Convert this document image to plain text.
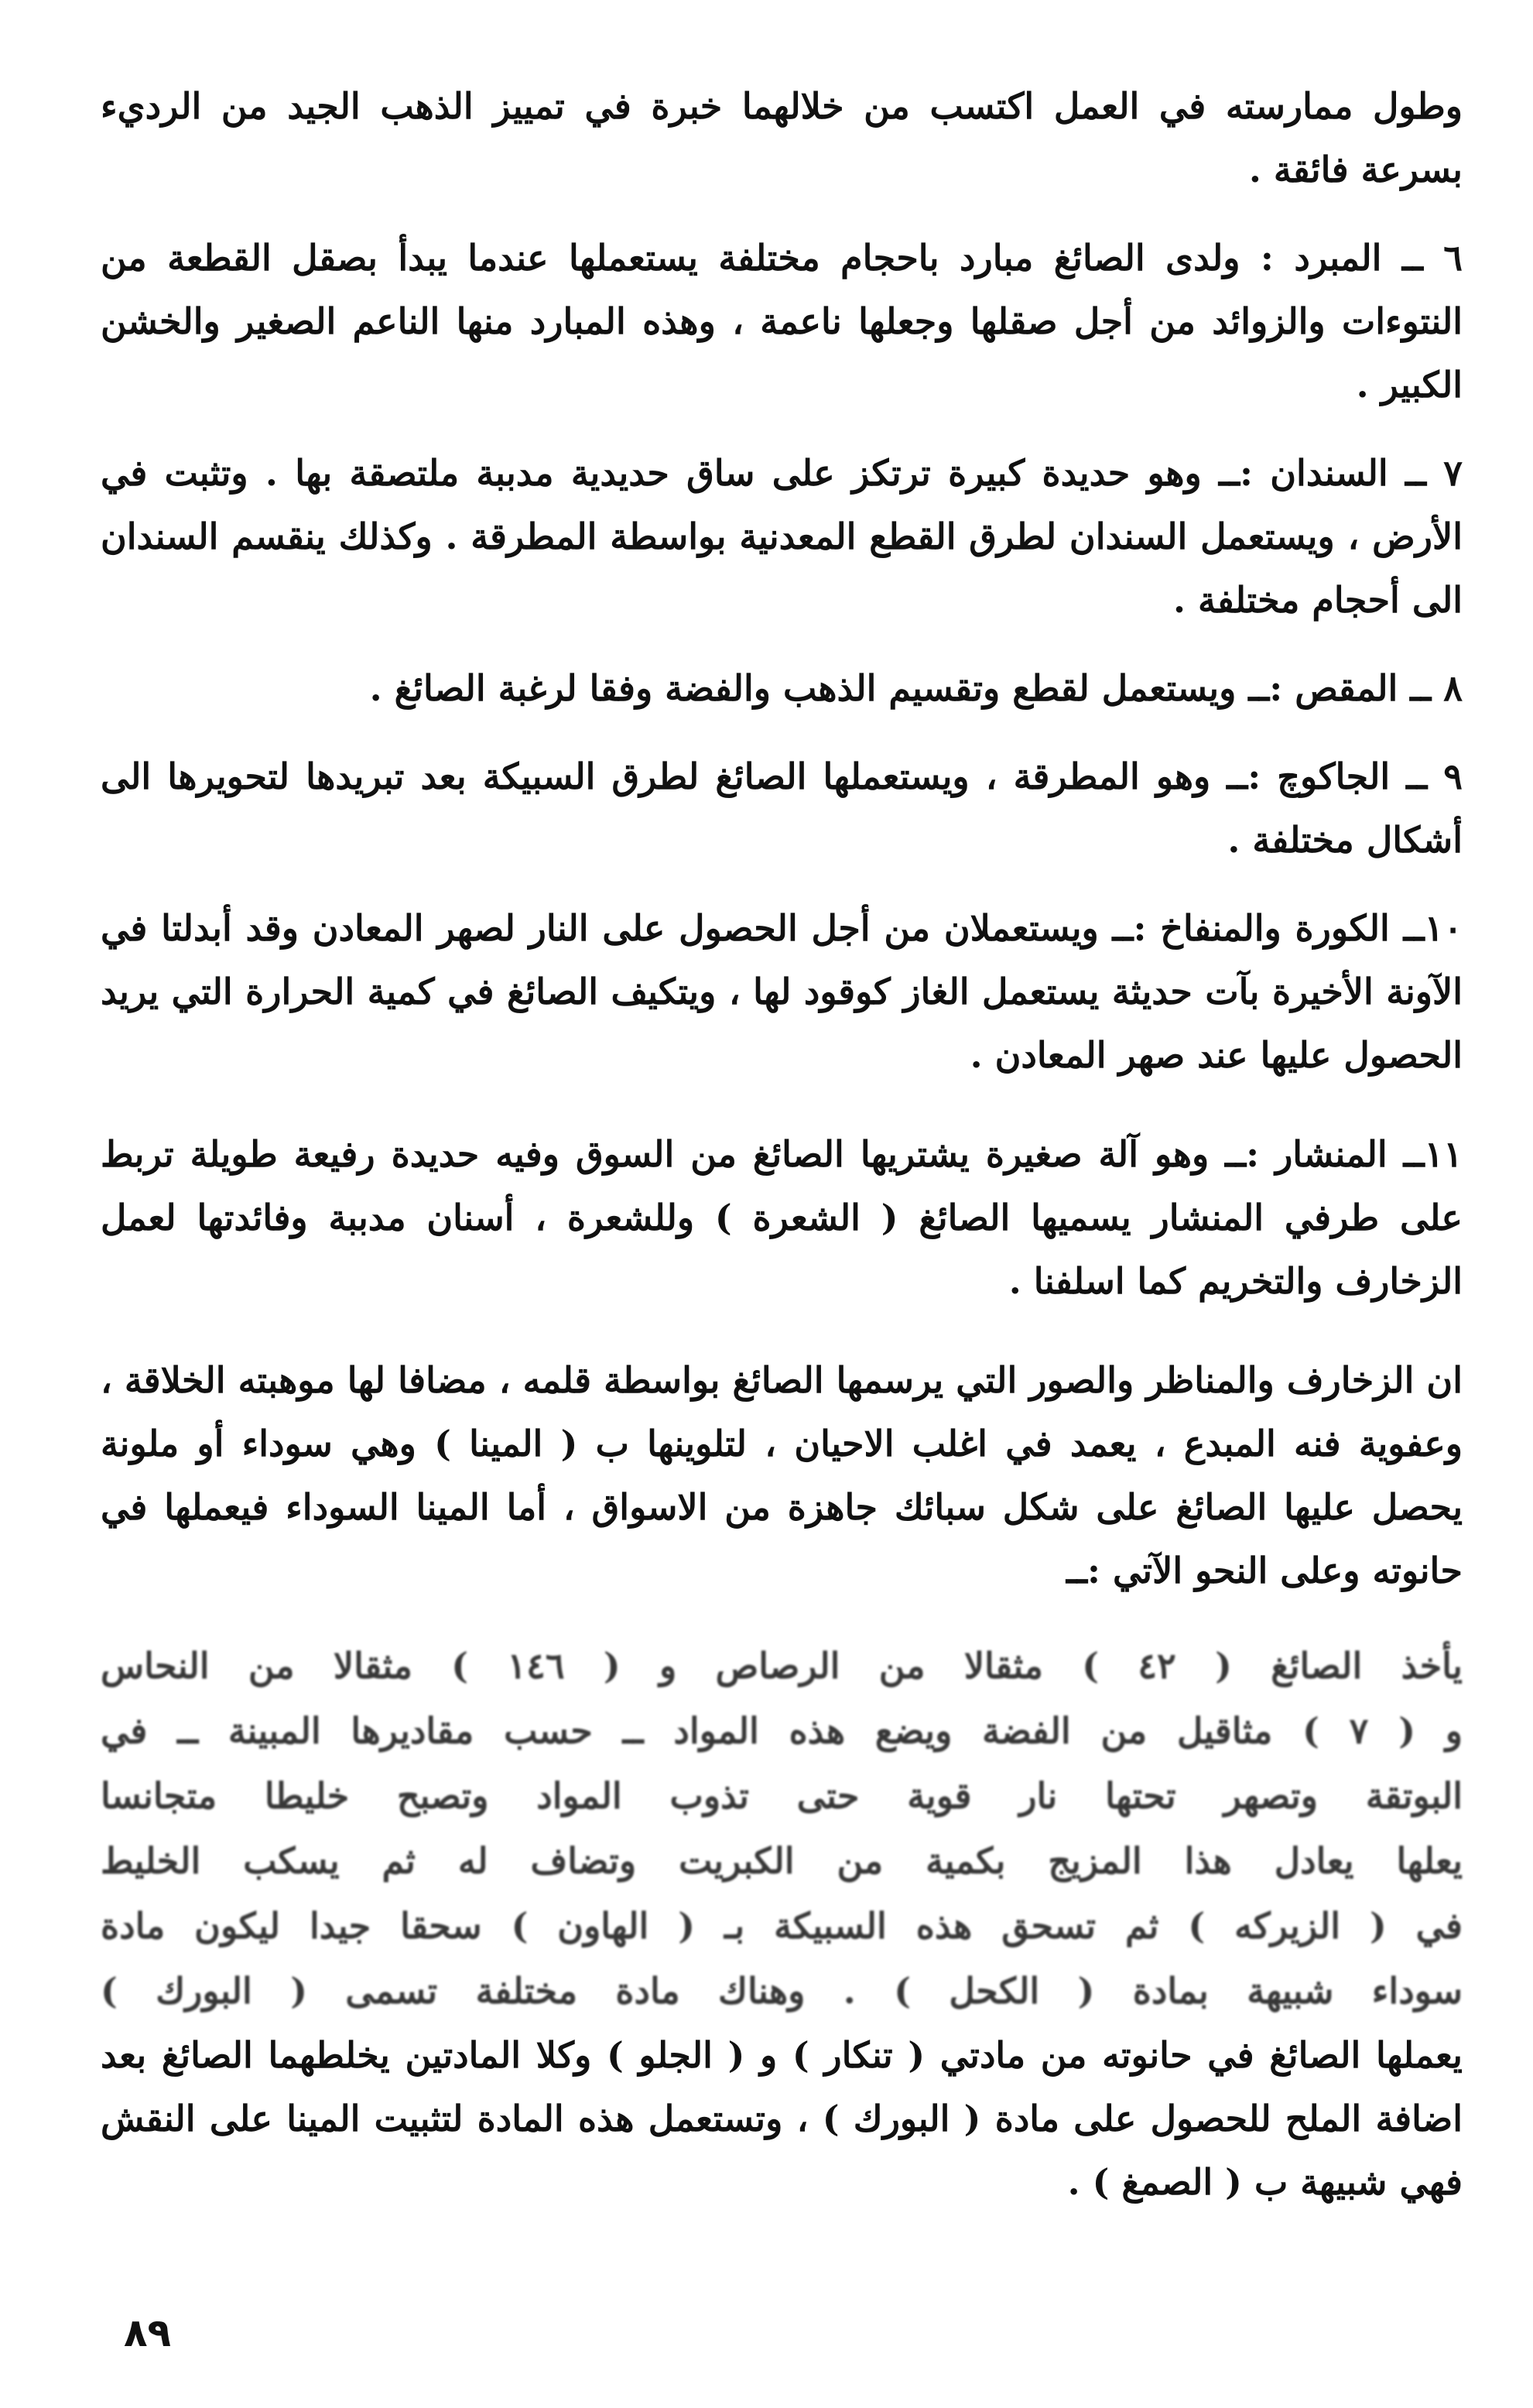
وطول ممارسته في العمل اكتسب من خلالهما خبرة في تمييز الذهب الجيد من الرديء بسرعة فائقة .

٦ ــ المبرد : ولدى الصائغ مبارد باحجام مختلفة يستعملها عندما يبدأ بصقل القطعة من النتوءات والزوائد من أجل صقلها وجعلها ناعمة ، وهذه المبارد منها الناعم الصغير والخشن الكبير .

٧ ــ السندان :ــ وهو حديدة كبيرة ترتكز على ساق حديدية مدببة ملتصقة بها . وتثبت في الأرض ، ويستعمل السندان لطرق القطع المعدنية بواسطة المطرقة . وكذلك ينقسم السندان الى أحجام مختلفة .

٨ ــ المقص :ــ ويستعمل لقطع وتقسيم الذهب والفضة وفقا لرغبة الصائغ .

٩ ــ الجاكوچ :ــ وهو المطرقة ، ويستعملها الصائغ لطرق السبيكة بعد تبريدها لتحويرها الى أشكال مختلفة .

١٠ــ الكورة والمنفاخ :ــ ويستعملان من أجل الحصول على النار لصهر المعادن وقد أبدلتا في الآونة الأخيرة بآت حديثة يستعمل الغاز كوقود لها ، ويتكيف الصائغ في كمية الحرارة التي يريد الحصول عليها عند صهر المعادن .

١١ــ المنشار :ــ وهو آلة صغيرة يشتريها الصائغ من السوق وفيه حديدة رفيعة طويلة تربط على طرفي المنشار يسميها الصائغ ( الشعرة ) وللشعرة ، أسنان مدببة وفائدتها لعمل الزخارف والتخريم كما اسلفنا .

ان الزخارف والمناظر والصور التي يرسمها الصائغ بواسطة قلمه ، مضافا لها موهبته الخلاقة ، وعفوية فنه المبدع ، يعمد في اغلب الاحيان ، لتلوينها ب ( المينا ) وهي سوداء أو ملونة يحصل عليها الصائغ على شكل سبائك جاهزة من الاسواق ، أما المينا السوداء فيعملها في حانوته وعلى النحو الآتي :ــ

يأخذ الصائغ ( ٤٢ ) مثقالا من الرصاص و ( ١٤٦ ) مثقالا من النحاس
و ( ٧ ) مثاقيل من الفضة ويضع هذه المواد ــ حسب مقاديرها المبينة ــ في
البوتقة وتصهر تحتها نار قوية حتى تذوب المواد وتصبح خليطا متجانسا
يعلها يعادل هذا المزيج بكمية من الكبريت وتضاف له ثم يسكب الخليط
في ( الزيركه ) ثم تسحق هذه السبيكة بـ ( الهاون ) سحقا جيدا ليكون مادة
سوداء شبيهة بمادة ( الكحل ) . وهناك مادة مختلفة تسمى ( البورك )

يعملها الصائغ في حانوته من مادتي ( تنكار ) و ( الجلو ) وكلا المادتين يخلطهما الصائغ بعد اضافة الملح للحصول على مادة ( البورك ) ، وتستعمل هذه المادة لتثبيت المينا على النقش فهي شبيهة ب ( الصمغ ) .

٨٩
